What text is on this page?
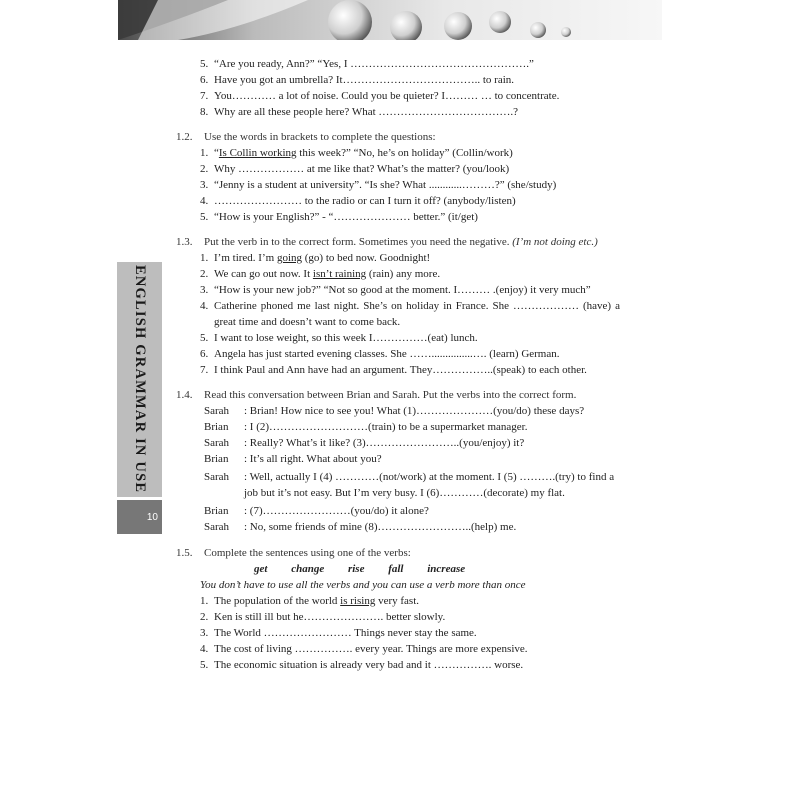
ENGLISH GRAMMAR IN USE
10
5. “Are you ready, Ann?” “Yes, I ………………………………………….”
6. Have you got an umbrella? It……………………………….. to rain.
7. You………… a lot of noise. Could you be quieter? I……… … to concentrate.
8. Why are all these people here? What ……………………………….?
1.2. Use the words in brackets to complete the questions:
1. “Is Collin working this week?” “No, he’s on holiday” (Collin/work)
2. Why ……………… at me like that? What’s the matter? (you/look)
3. “Jenny is a student at university”. “Is she? What ............………?” (she/study)
4. …………………… to the radio or can I turn it off? (anybody/listen)
5. “How is your English?” - “………………… better.” (it/get)
1.3. Put the verb in to the correct form. Sometimes you need the negative. (I’m not doing etc.)
1. I’m tired. I’m going (go) to bed now. Goodnight!
2. We can go out now. It isn’t raining (rain) any more.
3. “How is your new job?” “Not so good at the moment. I……… .(enjoy) it very much”
4. Catherine phoned me last night. She’s on holiday in France. She ……………… (have) a great time and doesn’t want to come back.
5. I want to lose weight, so this week I……………(eat) lunch.
6. Angela has just started evening classes. She ……...............…. (learn) German.
7. I think Paul and Ann have had an argument. They……………..(speak) to each other.
1.4. Read this conversation between Brian and Sarah. Put the verbs into the correct form.
Sarah : Brian! How nice to see you! What (1)…………………(you/do) these days?
Brian : I (2)………………………(train) to be a supermarket manager.
Sarah : Really? What’s it like? (3)……………………..(you/enjoy) it?
Brian : It’s all right. What about you?
Sarah : Well, actually I (4) …………(not/work) at the moment. I (5) ……….(try) to find a job but it’s not easy. But I’m very busy. I (6)…………(decorate) my flat.
Brian : (7)……………………(you/do) it alone?
Sarah : No, some friends of mine (8)……………………..(help) me.
1.5. Complete the sentences using one of the verbs:
get change rise fall increase
You don’t have to use all the verbs and you can use a verb more than once
1. The population of the world is rising very fast.
2. Ken is still ill but he…………………. better slowly.
3. The World …………………… Things never stay the same.
4. The cost of living ……………. every year. Things are more expensive.
5. The economic situation is already very bad and it ……………. worse.
